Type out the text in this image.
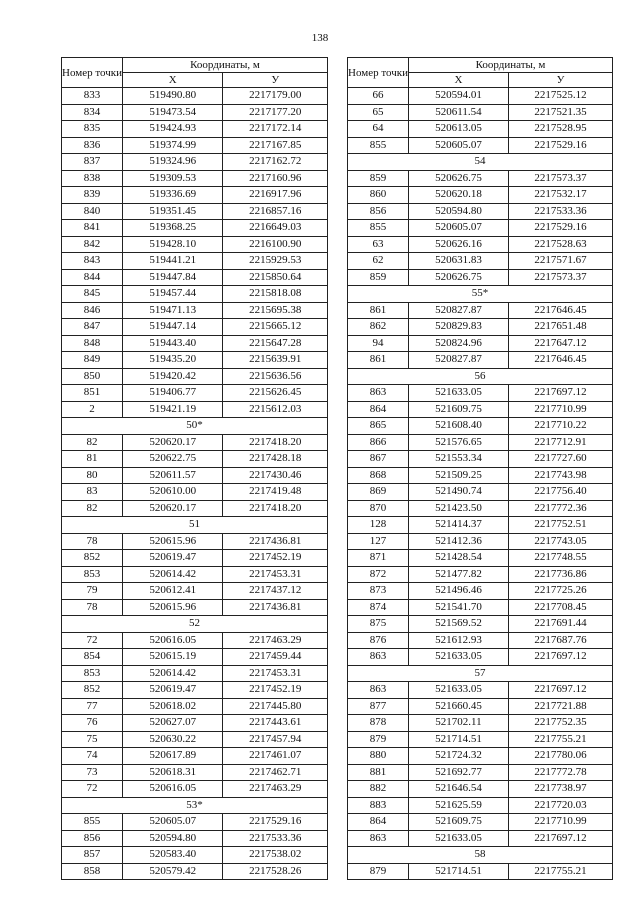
138
Номер точки	Координаты, м	
	X	У
833	519490.80	2217179.00
834	519473.54	2217177.20
835	519424.93	2217172.14
836	519374.99	2217167.85
837	519324.96	2217162.72
838	519309.53	2217160.96
839	519336.69	2216917.96
840	519351.45	2216857.16
841	519368.25	2216649.03
842	519428.10	2216100.90
843	519441.21	2215929.53
844	519447.84	2215850.64
845	519457.44	2215818.08
846	519471.13	2215695.38
847	519447.14	2215665.12
848	519443.40	2215647.28
849	519435.20	2215639.91
850	519420.42	2215636.56
851	519406.77	2215626.45
2	519421.19	2215612.03
50*		
82	520620.17	2217418.20
81	520622.75	2217428.18
80	520611.57	2217430.46
83	520610.00	2217419.48
82	520620.17	2217418.20
51		
78	520615.96	2217436.81
852	520619.47	2217452.19
853	520614.42	2217453.31
79	520612.41	2217437.12
78	520615.96	2217436.81
52		
72	520616.05	2217463.29
854	520615.19	2217459.44
853	520614.42	2217453.31
852	520619.47	2217452.19
77	520618.02	2217445.80
76	520627.07	2217443.61
75	520630.22	2217457.94
74	520617.89	2217461.07
73	520618.31	2217462.71
72	520616.05	2217463.29
53*		
855	520605.07	2217529.16
856	520594.80	2217533.36
857	520583.40	2217538.02
858	520579.42	2217528.26
Номер точки	Координаты, м	
	X	У
66	520594.01	2217525.12
65	520611.54	2217521.35
64	520613.05	2217528.95
855	520605.07	2217529.16
54		
859	520626.75	2217573.37
860	520620.18	2217532.17
856	520594.80	2217533.36
855	520605.07	2217529.16
63	520626.16	2217528.63
62	520631.83	2217571.67
859	520626.75	2217573.37
55*		
861	520827.87	2217646.45
862	520829.83	2217651.48
94	520824.96	2217647.12
861	520827.87	2217646.45
56		
863	521633.05	2217697.12
864	521609.75	2217710.99
865	521608.40	2217710.22
866	521576.65	2217712.91
867	521553.34	2217727.60
868	521509.25	2217743.98
869	521490.74	2217756.40
870	521423.50	2217772.36
128	521414.37	2217752.51
127	521412.36	2217743.05
871	521428.54	2217748.55
872	521477.82	2217736.86
873	521496.46	2217725.26
874	521541.70	2217708.45
875	521569.52	2217691.44
876	521612.93	2217687.76
863	521633.05	2217697.12
57		
863	521633.05	2217697.12
877	521660.45	2217721.88
878	521702.11	2217752.35
879	521714.51	2217755.21
880	521724.32	2217780.06
881	521692.77	2217772.78
882	521646.54	2217738.97
883	521625.59	2217720.03
864	521609.75	2217710.99
863	521633.05	2217697.12
58		
879	521714.51	2217755.21
